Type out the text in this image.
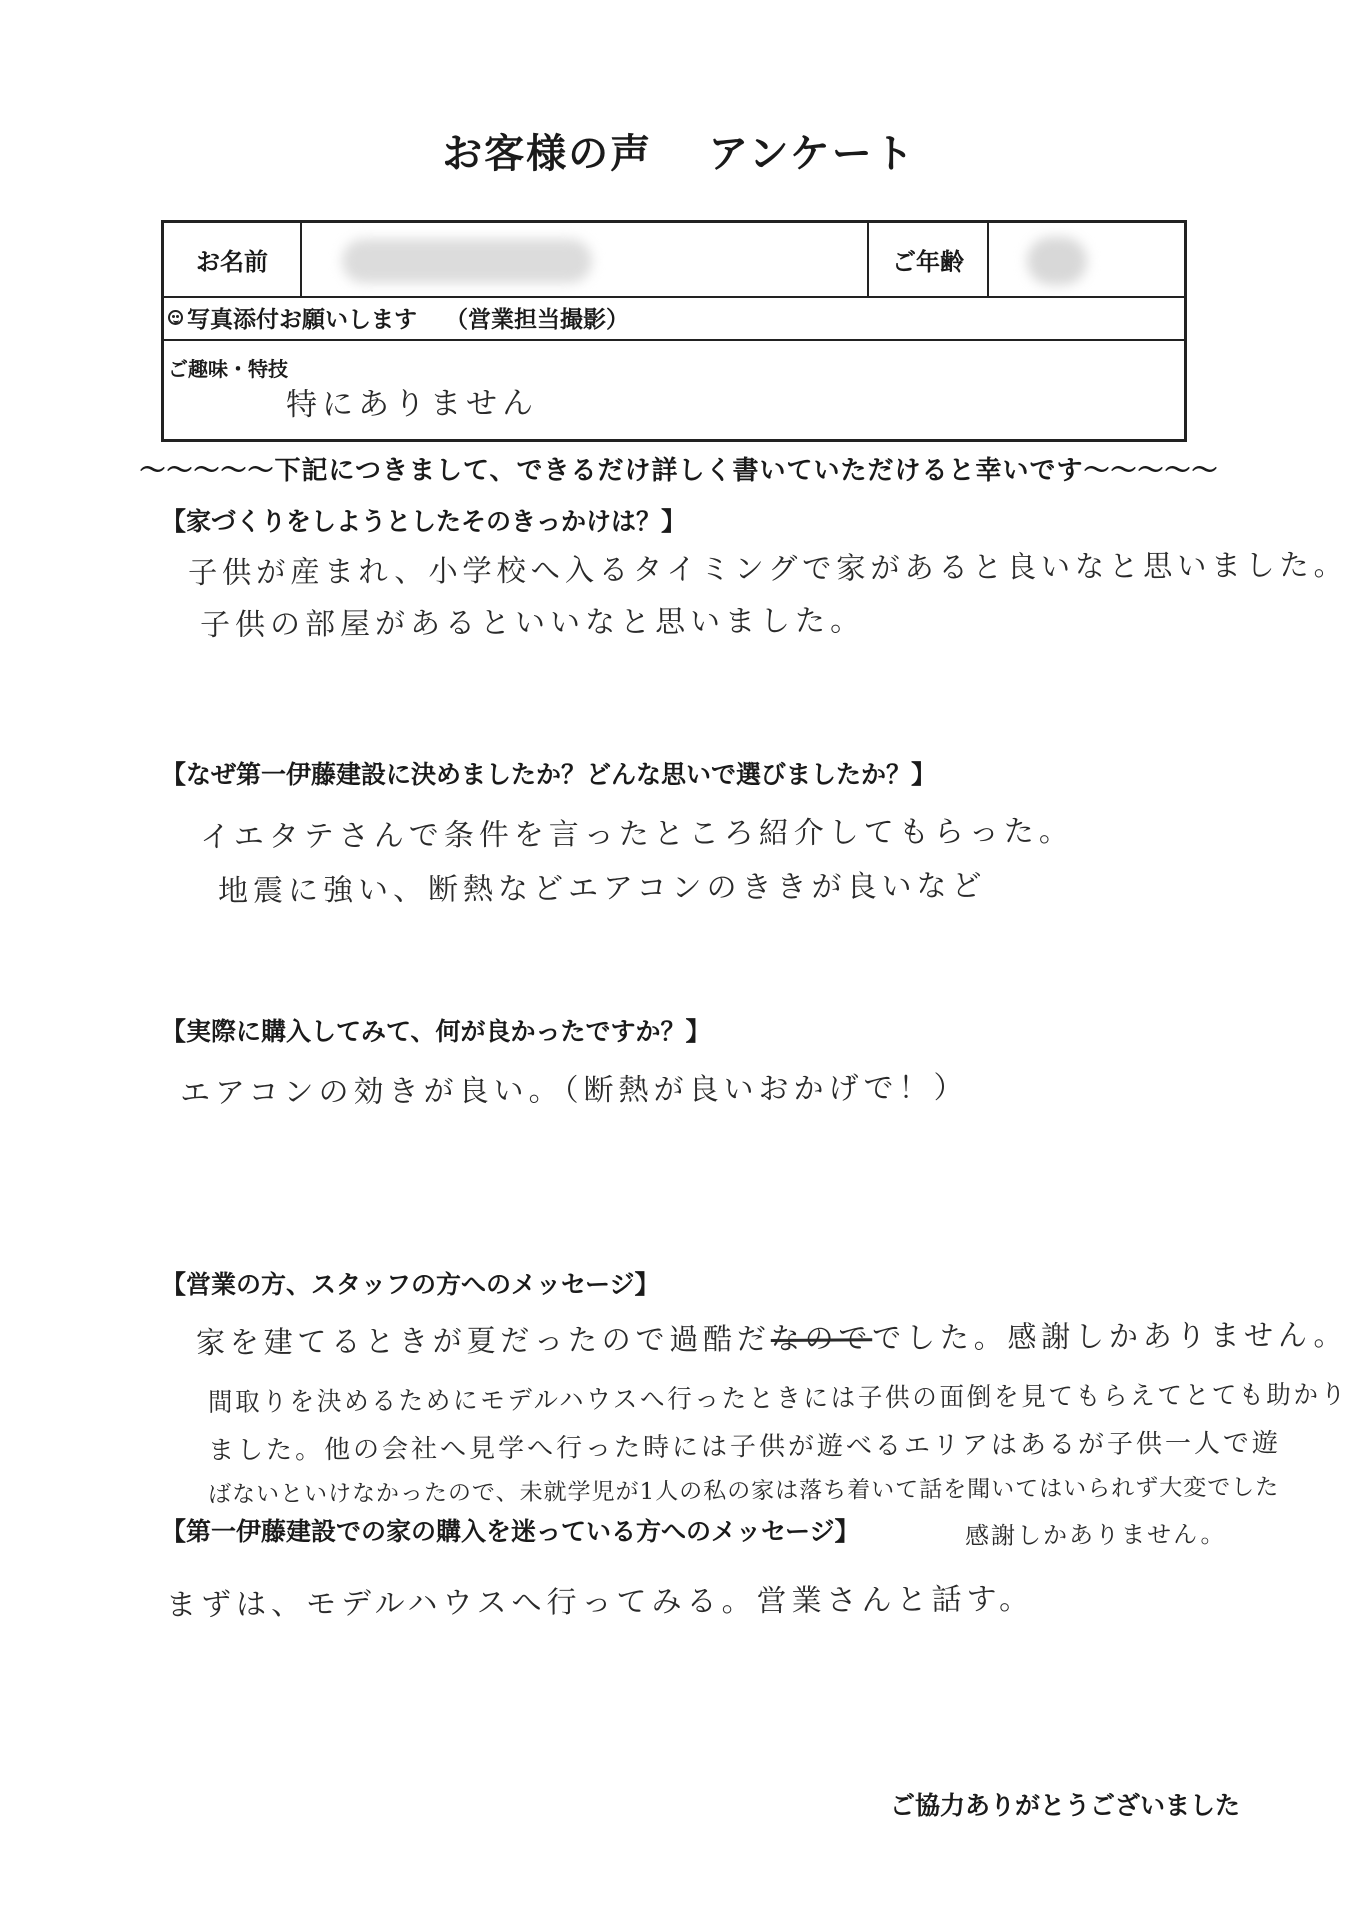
お客様の声 アンケート
お名前	ご年齢
写真添付お願いします （営業担当撮影）
ご趣味・特技
特にありません
～～～～～下記につきまして、できるだけ詳しく書いていただけると幸いです～～～～～
【家づくりをしようとしたそのきっかけは？】
子供が産まれ、小学校へ入るタイミングで家があると良いなと思いました。
子供の部屋があるといいなと思いました。
【なぜ第一伊藤建設に決めましたか？どんな思いで選びましたか？】
イエタテさんで条件を言ったところ紹介してもらった。
地震に強い、断熱などエアコンのききが良いなど
【実際に購入してみて、何が良かったですか？】
エアコンの効きが良い。（断熱が良いおかげで！）
【営業の方、スタッフの方へのメッセージ】
家を建てるときが夏だったので過酷だなのででした。感謝しかありません。
間取りを決めるためにモデルハウスへ行ったときには子供の面倒を見てもらえてとても助かり
ました。他の会社へ見学へ行った時には子供が遊べるエリアはあるが子供一人で遊
ばないといけなかったので、未就学児が1人の私の家は落ち着いて話を聞いてはいられず大変でした
感謝しかありません。
【第一伊藤建設での家の購入を迷っている方へのメッセージ】
まずは、モデルハウスへ行ってみる。営業さんと話す。
ご協力ありがとうございました
